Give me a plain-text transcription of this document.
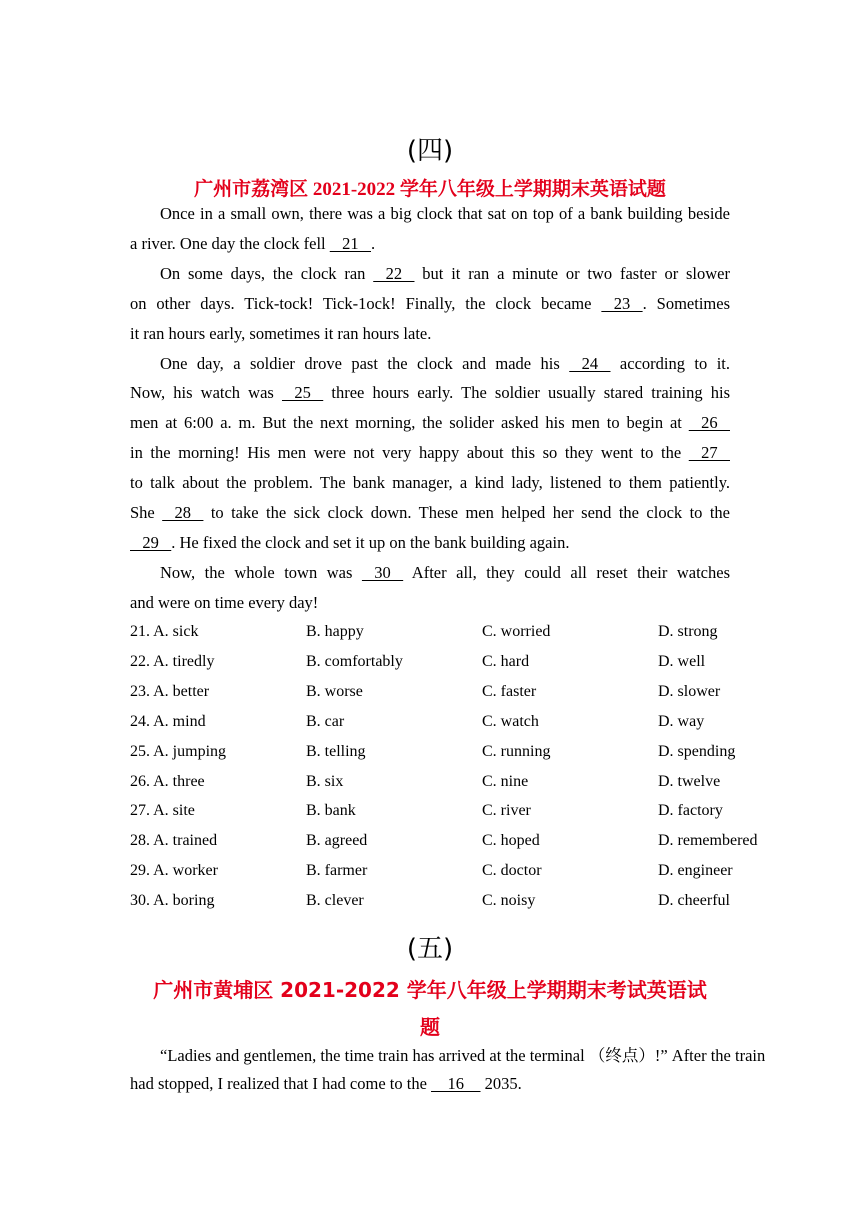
(四)
广州市荔湾区 2021-2022 学年八年级上学期期末英语试题
Once in a small own, there was a big clock that sat on top of a bank building beside
a river. One day the clock fell    21   .
On some days, the clock ran    22    but it ran a minute or two faster or slower
on other days. Tick-tock! Tick-1ock! Finally, the clock became    23   . Sometimes
it ran hours early, sometimes it ran hours late.
One day, a soldier drove past the clock and made his    24    according to it.
Now, his watch was    25    three hours early. The soldier usually stared training his
men at 6:00 a. m. But the next morning, the solider asked his men to begin at    26
in the morning! His men were not very happy about this so they went to the    27
to talk about the problem. The bank manager, a kind lady, listened to them patiently.
She    28    to take the sick clock down. These men helped her send the clock to the
29   . He fixed the clock and set it up on the bank building again.
Now, the whole town was    30    After all, they could all reset their watches
and were on time every day!
21. A. sick	B. happy	C. worried	D. strong
22. A. tiredly	B. comfortably	C. hard	D. well
23. A. better	B. worse	C. faster	D. slower
24. A. mind	B. car	C. watch	D. way
25. A. jumping	B. telling	C. running	D. spending
26. A. three	B. six	C. nine	D. twelve
27. A. site	B. bank	C. river	D. factory
28. A. trained	B. agreed	C. hoped	D. remembered
29. A. worker	B. farmer	C. doctor	D. engineer
30. A. boring	B. clever	C. noisy	D. cheerful
(五)
广州市黄埔区 2021-2022 学年八年级上学期期末考试英语试
题
“Ladies and gentlemen, the time train has arrived at the terminal （终点）!” After the train
had stopped, I realized that I had come to the     16     2035.
